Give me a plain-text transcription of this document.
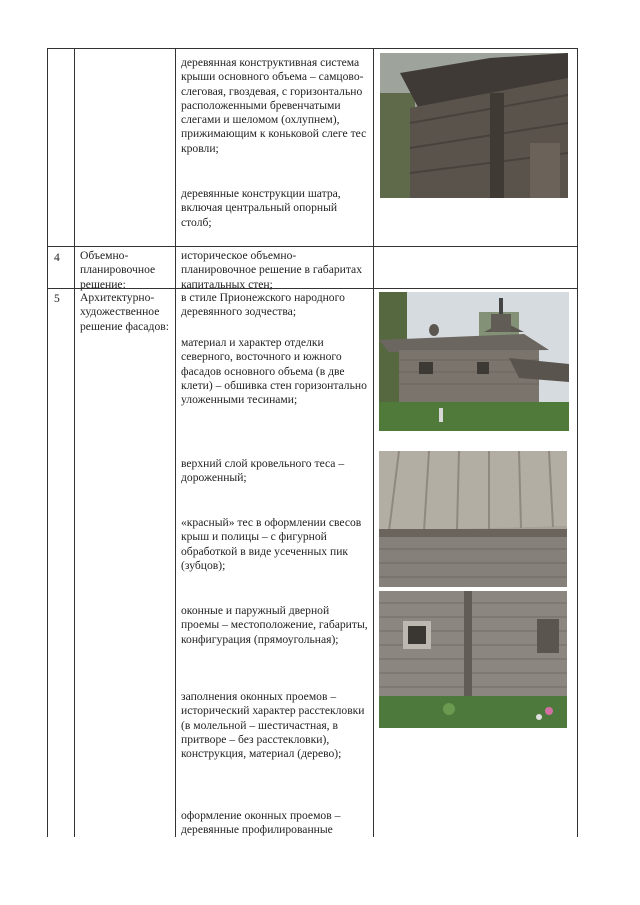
деревянная конструктивная система крыши основного объема – самцово-слеговая, гвоздевая, с горизонтально расположенными бревенчатыми слегами и шеломом (охлупнем), прижимающим к коньковой слеге тес кровли;
деревянные конструкции шатра, включая центральный опорный столб;
4 Объемно-планировочное решение:
историческое объемно-планировочное решение в габаритах капитальных стен;
5 Архитектурно-художественное решение фасадов:
в стиле Прионежского народного деревянного зодчества;
материал и характер отделки северного, восточного и южного фасадов основного объема (в две клети) – обшивка стен горизонтально уложенными тесинами;
верхний слой кровельного теса – дороженный;
«красный» тес в оформлении свесов крыш и полицы – с фигурной обработкой в виде усеченных пик (зубцов);
оконные и паружный дверной проемы – местоположение, габариты, конфигурация (прямоугольная);
заполнения оконных проемов – исторический характер расстекловки (в молельной – шестичастная, в притворе – без расстекловки), конструкция, материал (дерево);
оформление оконных проемов – деревянные профилированные
